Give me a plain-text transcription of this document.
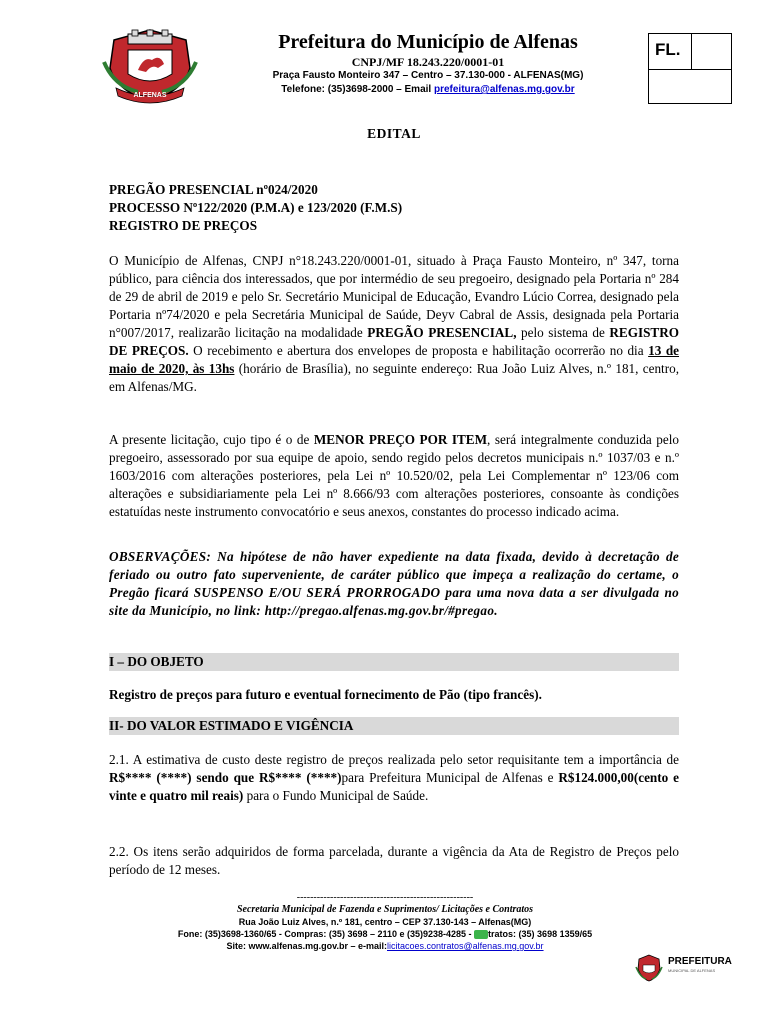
ALFENAS
Prefeitura do Município de Alfenas
CNPJ/MF 18.243.220/0001-01
Praça Fausto Monteiro 347 – Centro – 37.130-000 - ALFENAS(MG)
Telefone: (35)3698-2000 – Email prefeitura@alfenas.mg.gov.br
FL.
EDITAL
PREGÃO PRESENCIAL nº024/2020
PROCESSO Nº122/2020 (P.M.A) e 123/2020 (F.M.S)
REGISTRO DE PREÇOS
O Município de Alfenas, CNPJ n°18.243.220/0001-01, situado à Praça Fausto Monteiro, nº 347, torna público, para ciência dos interessados, que por intermédio de seu pregoeiro, designado pela Portaria nº 284 de 29 de abril de 2019 e pelo Sr. Secretário Municipal de Educação, Evandro Lúcio Correa, designado pela Portaria nº74/2020 e pela Secretária Municipal de Saúde, Deyv Cabral de Assis, designada pela Portaria n°007/2017, realizarão licitação na modalidade PREGÃO PRESENCIAL, pelo sistema de REGISTRO DE PREÇOS. O recebimento e abertura dos envelopes de proposta e habilitação ocorrerão no dia 13 de maio de 2020, às 13hs (horário de Brasília), no seguinte endereço: Rua João Luiz Alves, n.º 181, centro, em Alfenas/MG.
A presente licitação, cujo tipo é o de MENOR PREÇO POR ITEM, será integralmente conduzida pelo pregoeiro, assessorado por sua equipe de apoio, sendo regido pelos decretos municipais n.º 1037/03 e n.º 1603/2016 com alterações posteriores, pela Lei nº 10.520/02, pela Lei Complementar nº 123/06 com alterações e subsidiariamente pela Lei nº 8.666/93 com alterações posteriores, consoante às condições estatuídas neste instrumento convocatório e seus anexos, constantes do processo indicado acima.
OBSERVAÇÕES: Na hipótese de não haver expediente na data fixada, devido à decretação de feriado ou outro fato superveniente, de caráter público que impeça a realização do certame, o Pregão ficará SUSPENSO E/OU SERÁ PRORROGADO para uma nova data a ser divulgada no site da Município, no link: http://pregao.alfenas.mg.gov.br/#pregao.
I – DO OBJETO
Registro de preços para futuro e eventual fornecimento de Pão (tipo francês).
II- DO VALOR ESTIMADO E VIGÊNCIA
2.1. A estimativa de custo deste registro de preços realizada pelo setor requisitante tem a importância de R$**** (****) sendo que R$**** (****)para Prefeitura Municipal de Alfenas e R$124.000,00(cento e vinte e quatro mil reais) para o Fundo Municipal de Saúde.
2.2. Os itens serão adquiridos de forma parcelada, durante a vigência da Ata de Registro de Preços pelo período de 12 meses.
-----------------------------------------------------
Secretaria Municipal de Fazenda e Suprimentos/ Licitações e Contratos
Rua João Luiz Alves, n.º 181, centro – CEP 37.130-143 – Alfenas(MG)
Fone: (35)3698-1360/65 - Compras: (35) 3698 – 2110 e (35)9238-4285 - tratos: (35) 3698 1359/65
Site: www.alfenas.mg.gov.br – e-mail:licitacoes.contratos@alfenas.mg.gov.br
PREFEITURA
MUNICIPAL DE ALFENAS
